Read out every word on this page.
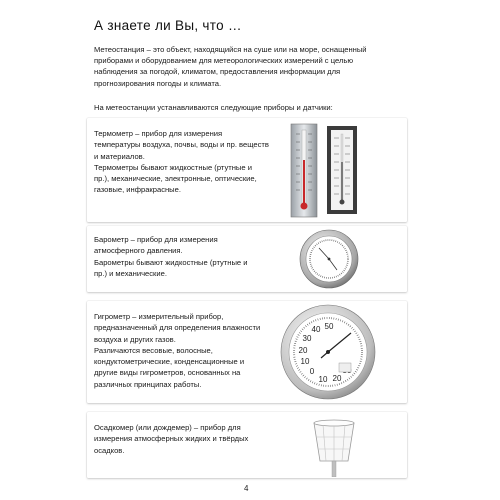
А знаете ли Вы, что …
Метеостанция – это объект, находящийся на суше или на море, оснащенный
приборами и оборудованием для метеорологических измерений с целью
наблюдения за погодой, климатом, предоставления информации для
прогнозирования погоды и климата.
На метеостанции устанавливаются следующие приборы и датчики:
Термометр – прибор для измерения
температуры воздуха, почвы, воды и пр. веществ
и материалов.
Термометры бывают жидкостные (ртутные и
пр.), механические, электронные, оптические,
газовые, инфракрасные.
Барометр – прибор для измерения
атмосферного давления.
Барометры бывают жидкостные (ртутные и
пр.) и механические.
Гигрометр – измерительный прибор,
предназначенный для определения влажности
воздуха и других газов.
Различаются весовые, волосные,
кондуктометрические, конденсационные и
другие виды гигрометров, основанных на
различных принципах работы.
50
40
30
20
10
0
10 20
Осадкомер (или дождемер) – прибор для
измерения атмосферных жидких и твёрдых
осадков.
4
